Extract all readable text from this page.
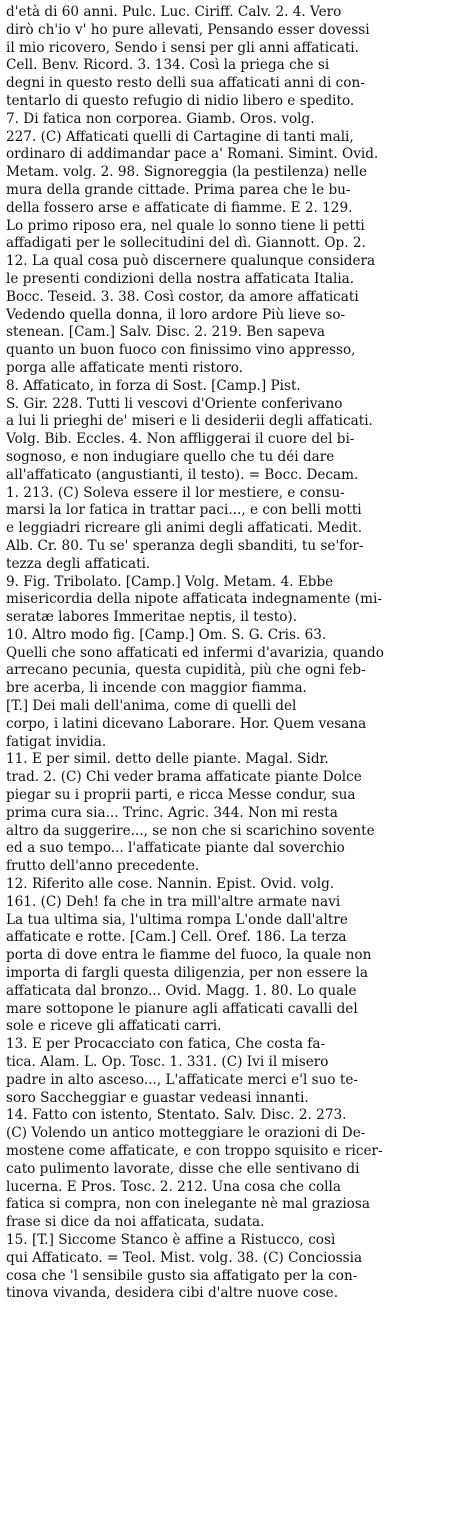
d'età di 60 anni. Pulc. Luc. Ciriff. Calv. 2. 4. Vero
dirò ch'io v' ho pure allevati, Pensando esser dovessi
il mio ricovero, Sendo i sensi per gli anni affaticati.
Cell. Benv. Ricord. 3. 134. Così la priega che si
degni in questo resto delli sua affaticati anni di con-
tentarlo di questo refugio di nidio libero e spedito.

7. Di fatica non corporea. Giamb. Oros. volg.
227. (C) Affaticati quelli di Cartagine di tanti mali,
ordinaro di addimandar pace a' Romani. Simint. Ovid.
Metam. volg. 2. 98. Signoreggia (la pestilenza) nelle
mura della grande cittade. Prima parea che le bu-
della fossero arse e affaticate di fiamme. E 2. 129.
Lo primo riposo era, nel quale lo sonno tiene li petti
affadigati per le sollecitudini del dì. Giannott. Op. 2.
12. La qual cosa può discernere qualunque considera
le presenti condizioni della nostra affaticata Italia.
Bocc. Teseid. 3. 38. Così costor, da amore affaticati
Vedendo quella donna, il loro ardore Più lieve so-
stenean. [Cam.] Salv. Disc. 2. 219. Ben sapeva
quanto un buon fuoco con finissimo vino appresso,
porga alle affaticate menti ristoro.

8. Affaticato, in forza di Sost. [Camp.] Pist.
S. Gir. 228. Tutti li vescovi d'Oriente conferivano
a lui li prieghi de' miseri e li desiderii degli affaticati.
Volg. Bib. Eccles. 4. Non affliggerai il cuore del bi-
sognoso, e non indugiare quello che tu déi dare
all'affaticato (angustianti, il testo). = Bocc. Decam.
1. 213. (C) Soleva essere il lor mestiere, e consu-
marsi la lor fatica in trattar paci..., e con belli motti
e leggiadri ricreare gli animi degli affaticati. Medit.
Alb. Cr. 80. Tu se' speranza degli sbanditi, tu se'for-
tezza degli affaticati.

9. Fig. Tribolato. [Camp.] Volg. Metam. 4. Ebbe
misericordia della nipote affaticata indegnamente (mi-
seratæ labores Immeritae neptis, il testo).

10. Altro modo fig. [Camp.] Om. S. G. Cris. 63.
Quelli che sono affaticati ed infermi d'avarizia, quando
arrecano pecunia, questa cupidità, più che ogni feb-
bre acerba, li incende con maggior fiamma.

[T.] Dei mali dell'anima, come di quelli del
corpo, i latini dicevano Laborare. Hor. Quem vesana
fatigat invidia.

11. E per simil. detto delle piante. Magal. Sidr.
trad. 2. (C) Chi veder brama affaticate piante Dolce
piegar su i proprii parti, e ricca Messe condur, sua
prima cura sia... Trinc. Agric. 344. Non mi resta
altro da suggerire..., se non che si scarichino sovente
ed a suo tempo... l'affaticate piante dal soverchio
frutto dell'anno precedente.

12. Riferito alle cose. Nannin. Epist. Ovid. volg.
161. (C) Deh! fa che in tra mill'altre armate navi
La tua ultima sia, l'ultima rompa L'onde dall'altre
affaticate e rotte. [Cam.] Cell. Oref. 186. La terza
porta di dove entra le fiamme del fuoco, la quale non
importa di fargli questa diligenzia, per non essere la
affaticata dal bronzo... Ovid. Magg. 1. 80. Lo quale
mare sottopone le pianure agli affaticati cavalli del
sole e riceve gli affaticati carri.

13. E per Procacciato con fatica, Che costa fa-
tica. Alam. L. Op. Tosc. 1. 331. (C) Ivi il misero
padre in alto asceso..., L'affaticate merci e'l suo te-
soro Saccheggiar e guastar vedeasi innanti.

14. Fatto con istento, Stentato. Salv. Disc. 2. 273.
(C) Volendo un antico motteggiare le orazioni di De-
mostene come affaticate, e con troppo squisito e ricer-
cato pulimento lavorate, disse che elle sentivano di
lucerna. E Pros. Tosc. 2. 212. Una cosa che colla
fatica si compra, non con inelegante nè mal graziosa
frase si dice da noi affaticata, sudata.

15. [T.] Siccome Stanco è affine a Ristucco, così
qui Affaticato. = Teol. Mist. volg. 38. (C) Conciossia
cosa che 'l sensibile gusto sia affatigato per la con-
tinova vivanda, desidera cibi d'altre nuove cose.
